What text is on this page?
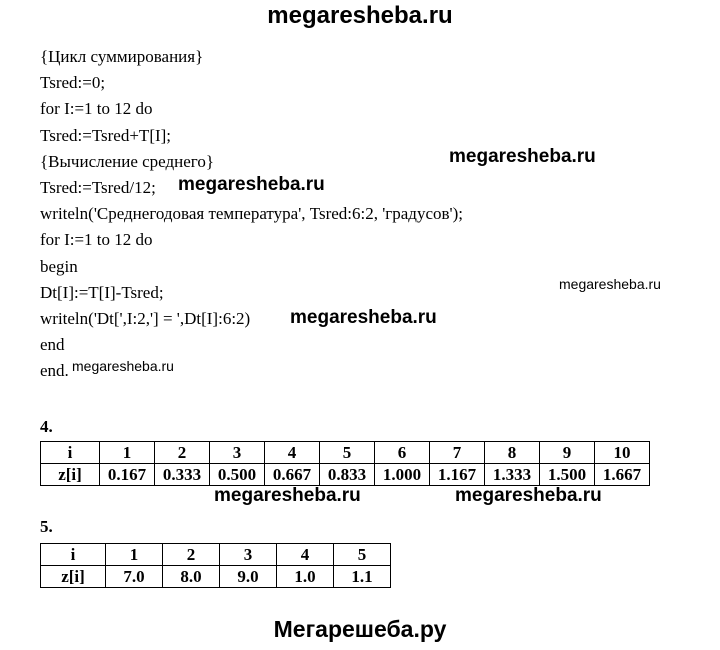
megaresheba.ru
{Цикл суммирования}
Tsred:=0;
for I:=1 to 12 do
Tsred:=Tsred+T[I];
{Вычисление среднего}
Tsred:=Tsred/12;
writeln('Среднегодовая температура', Tsred:6:2, 'градусов');
for I:=1 to 12 do
begin
Dt[I]:=T[I]-Tsred;
writeln('Dt[',I:2,'] = ',Dt[I]:6:2)
end
end.
megaresheba.ru
megaresheba.ru
megaresheba.ru
megaresheba.ru
megaresheba.ru
4.
i	1	2	3	4	5	6	7	8	9	10
z[i]	0.167	0.333	0.500	0.667	0.833	1.000	1.167	1.333	1.500	1.667
megaresheba.ru	megaresheba.ru
5.
i	1	2	3	4	5
z[i]	7.0	8.0	9.0	1.0	1.1
Мегарешеба.ру
